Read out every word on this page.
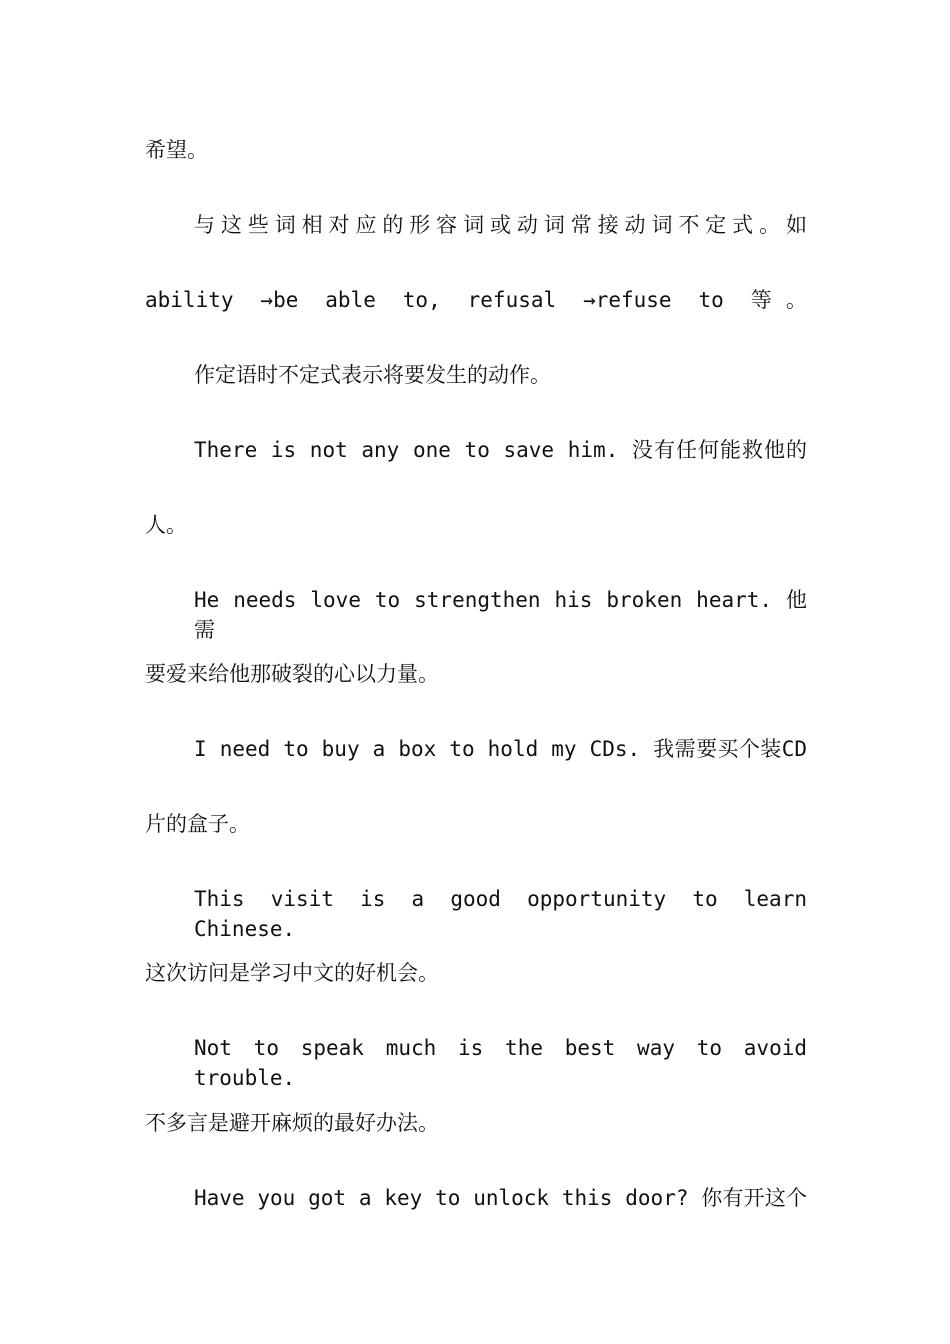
希望。
与这些词相对应的形容词或动词常接动词不定式。如
ability →be able to, refusal →refuse to 等。
作定语时不定式表示将要发生的动作。
There is not any one to save him. 没有任何能救他的
人。
He needs love to strengthen his broken heart. 他需
要爱来给他那破裂的心以力量。
I need to buy a box to hold my CDs. 我需要买个装CD
片的盒子。
This visit is a good opportunity to learn Chinese.
这次访问是学习中文的好机会。
Not to speak much is the best way to avoid trouble.
不多言是避开麻烦的最好办法。
Have you got a key to unlock this door? 你有开这个
